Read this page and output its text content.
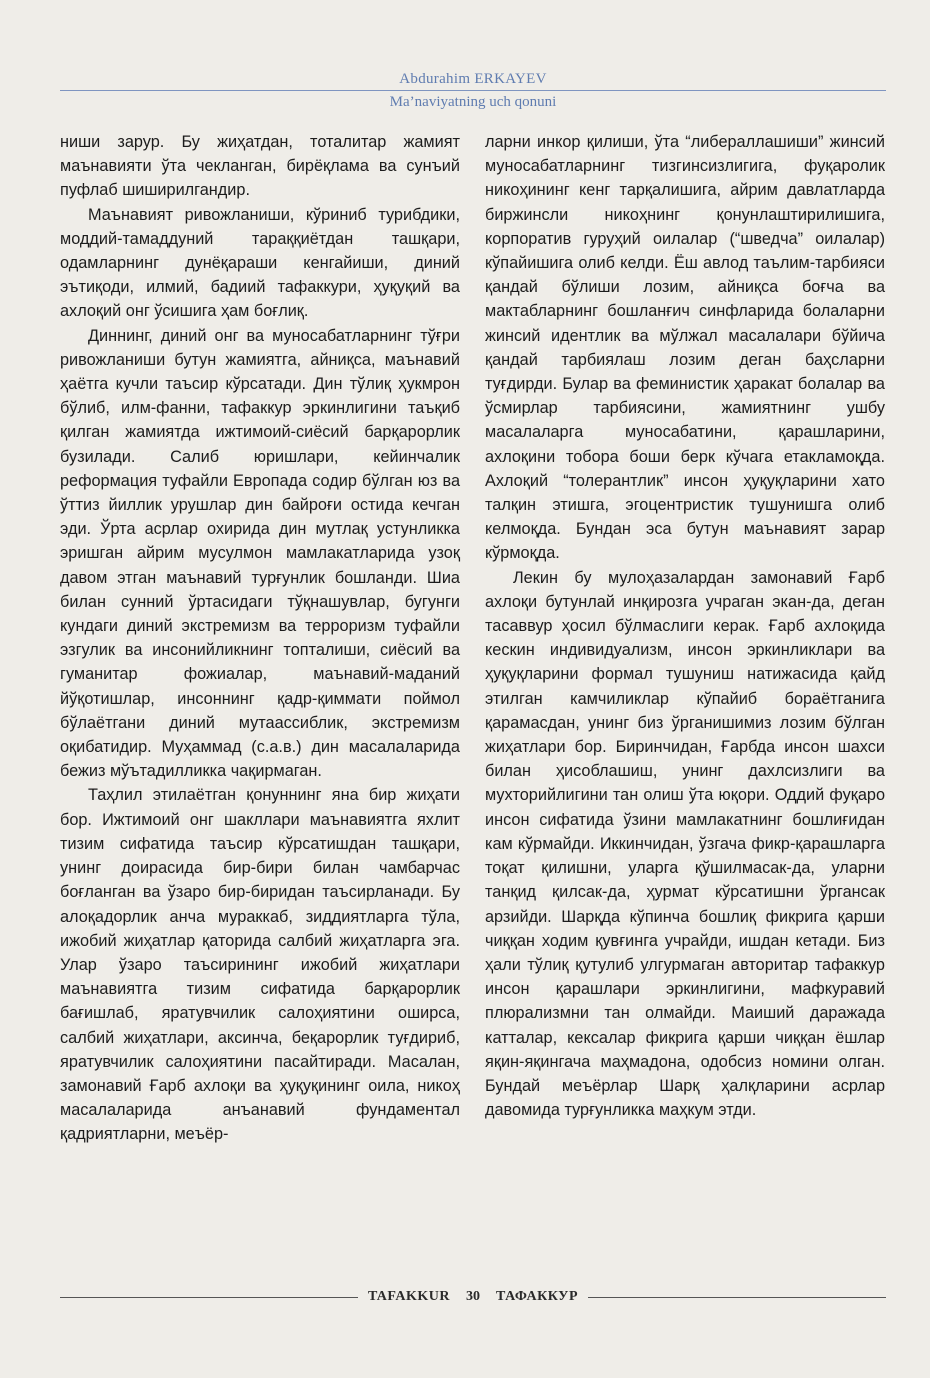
Abdurahim ERKAYEV
Ma’naviyatning uch qonuni

ниши зарур. Бу жиҳатдан, тоталитар жамият маънавияти ўта чекланган, бирёқлама ва сунъий пуфлаб шиширилгандир.

Маънавият ривожланиши, кўриниб турибдики, моддий-тамаддуний тараққиётдан ташқари, одамларнинг дунёқараши кенгайиши, диний эътиқоди, илмий, бадиий тафаккури, ҳуқуқий ва ахлоқий онг ўсишига ҳам боғлиқ.

Диннинг, диний онг ва муносабатларнинг тўғри ривожланиши бутун жамиятга, айниқса, маънавий ҳаётга кучли таъсир кўрсатади. Дин тўлиқ ҳукмрон бўлиб, илм-фанни, тафаккур эркинлигини таъқиб қилган жамиятда ижтимоий-сиёсий барқарорлик бузилади. Салиб юришлари, кейинчалик реформация туфайли Европада содир бўлган юз ва ўттиз йиллик урушлар дин байроғи остида кечган эди. Ўрта асрлар охирида дин мутлақ устунликка эришган айрим мусулмон мамлакатларида узоқ давом этган маънавий турғунлик бошланди. Шиа билан сунний ўртасидаги тўқнашувлар, бугунги кундаги диний экстремизм ва терроризм туфайли эзгулик ва инсонийликнинг топталиши, сиёсий ва гуманитар фожиалар, маънавий-маданий йўқотишлар, инсоннинг қадр-қиммати поймол бўлаётгани диний мутаассиблик, экстремизм оқибатидир. Муҳаммад (с.а.в.) дин масалаларида бежиз мўътадилликка чақирмаган.

Таҳлил этилаётган қонуннинг яна бир жиҳати бор. Ижтимоий онг шакллари маънавиятга яхлит тизим сифатида таъсир кўрсатишдан ташқари, унинг доирасида бир-бири билан чамбарчас боғланган ва ўзаро бир-биридан таъсирланади. Бу алоқадорлик анча мураккаб, зиддиятларга тўла, ижобий жиҳатлар қаторида салбий жиҳатларга эга. Улар ўзаро таъсирининг ижобий жиҳатлари маънавиятга тизим сифатида барқарорлик бағишлаб, яратувчилик салоҳиятини оширса, салбий жиҳатлари, аксинча, беқарорлик туғдириб, яратувчилик салоҳиятини пасайтиради. Масалан, замонавий Ғарб ахлоқи ва ҳуқуқининг оила, никоҳ масалаларида анъанавий фундаментал қадриятларни, меъёр-

ларни инкор қилиши, ўта “либераллашиши” жинсий муносабатларнинг тизгинсизлигига, фуқаролик никоҳининг кенг тарқалишига, айрим давлатларда биржинсли никоҳнинг қонунлаштирилишига, корпоратив гуруҳий оилалар (“шведча” оилалар) кўпайишига олиб келди. Ёш авлод таълим-тарбияси қандай бўлиши лозим, айниқса боғча ва мактабларнинг бошланғич синфларида болаларни жинсий идентлик ва мўлжал масалалари бўйича қандай тарбиялаш лозим деган баҳсларни туғдирди. Булар ва феминистик ҳаракат болалар ва ўсмирлар тарбиясини, жамиятнинг ушбу масалаларга муносабатини, қарашларини, ахлоқини тобора боши берк кўчага етакламоқда. Ахлоқий “толерантлик” инсон ҳуқуқларини хато талқин этишга, эгоцентристик тушунишга олиб келмоқда. Бундан эса бутун маънавият зарар кўрмоқда.

Лекин бу мулоҳазалардан замонавий Ғарб ахлоқи бутунлай инқирозга учраган экан-да, деган тасаввур ҳосил бўлмаслиги керак. Ғарб ахлоқида кескин индивидуализм, инсон эркинликлари ва ҳуқуқларини формал тушуниш натижасида қайд этилган камчиликлар кўпайиб бораётганига қарамасдан, унинг биз ўрганишимиз лозим бўлган жиҳатлари бор. Биринчидан, Ғарбда инсон шахси билан ҳисоблашиш, унинг дахлсизлиги ва мухторийлигини тан олиш ўта юқори. Оддий фуқаро инсон сифатида ўзини мамлакатнинг бошлиғидан кам кўрмайди. Иккинчидан, ўзгача фикр-қарашларга тоқат қилишни, уларга қўшилмасак-да, уларни танқид қилсак-да, ҳурмат кўрсатишни ўргансак арзийди. Шарқда кўпинча бошлиқ фикрига қарши чиққан ходим қувғинга учрайди, ишдан кетади. Биз ҳали тўлиқ қутулиб улгурмаган авторитар тафаккур инсон қарашлари эркинлигини, мафкуравий плюрализмни тан олмайди. Маиший даражада катталар, кексалар фикрига қарши чиққан ёшлар яқин-яқингача маҳмадона, одобсиз номини олган. Бундай меъёрлар Шарқ ҳалқларини асрлар давомида турғунликка маҳкум этди.

TAFAKKUR	30	ТАФАККУР
